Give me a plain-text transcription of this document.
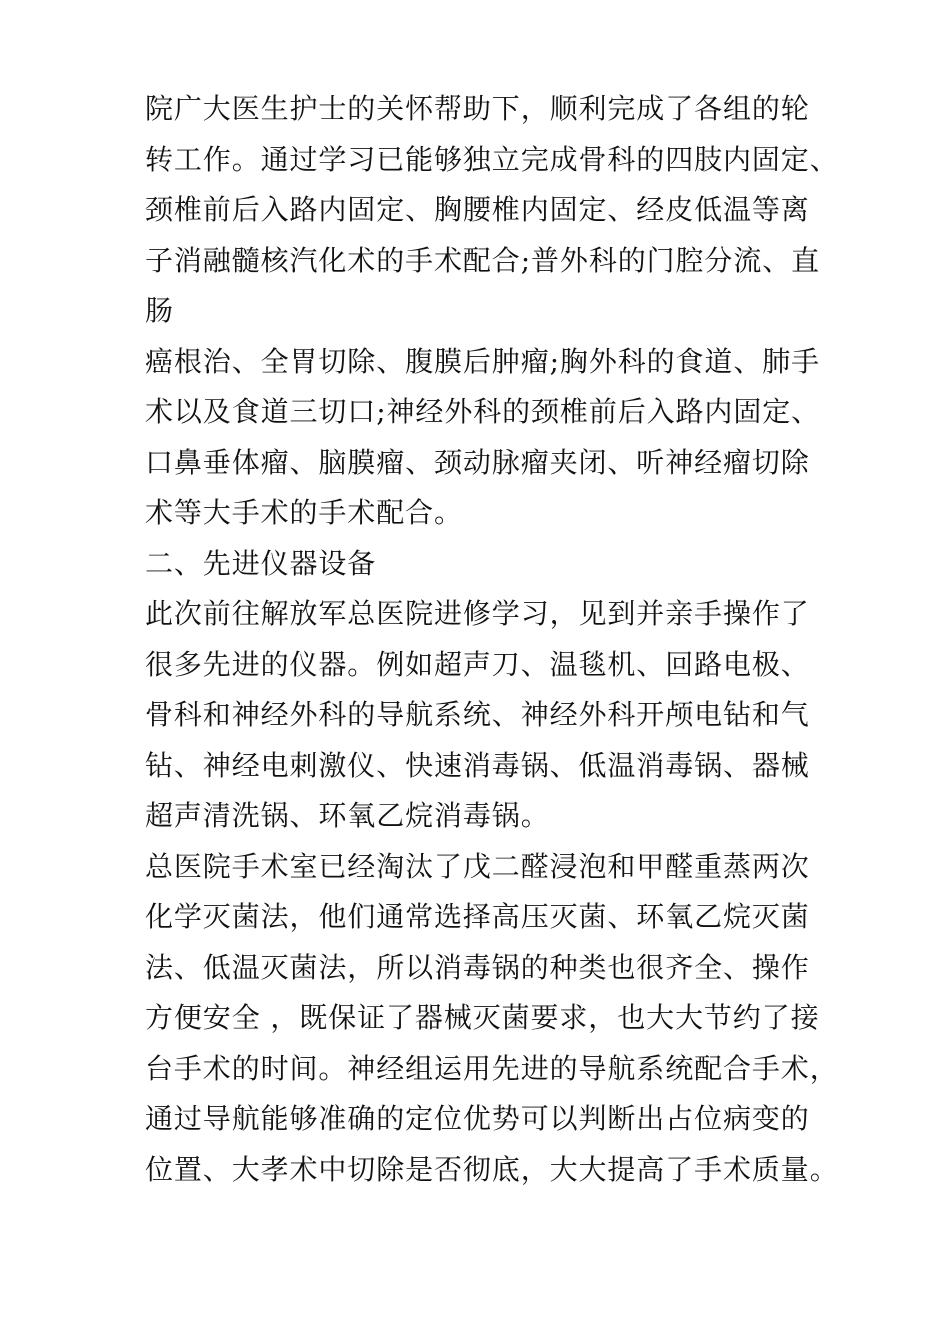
院广大医生护士的关怀帮助下，顺利完成了各组的轮
转工作。通过学习已能够独立完成骨科的四肢内固定、
颈椎前后入路内固定、胸腰椎内固定、经皮低温等离
子消融髓核汽化术的手术配合;普外科的门腔分流、直
肠
癌根治、全胃切除、腹膜后肿瘤;胸外科的食道、肺手
术以及食道三切口;神经外科的颈椎前后入路内固定、
口鼻垂体瘤、脑膜瘤、颈动脉瘤夹闭、听神经瘤切除
术等大手术的手术配合。
二、先进仪器设备
此次前往解放军总医院进修学习，见到并亲手操作了
很多先进的仪器。例如超声刀、温毯机、回路电极、
骨科和神经外科的导航系统、神经外科开颅电钻和气
钻、神经电刺激仪、快速消毒锅、低温消毒锅、器械
超声清洗锅、环氧乙烷消毒锅。
总医院手术室已经淘汰了戊二醛浸泡和甲醛重蒸两次
化学灭菌法，他们通常选择高压灭菌、环氧乙烷灭菌
法、低温灭菌法，所以消毒锅的种类也很齐全、操作
方便安全 ，既保证了器械灭菌要求，也大大节约了接
台手术的时间。神经组运用先进的导航系统配合手术，
通过导航能够准确的定位优势可以判断出占位病变的
位置、大孝术中切除是否彻底，大大提高了手术质量。
